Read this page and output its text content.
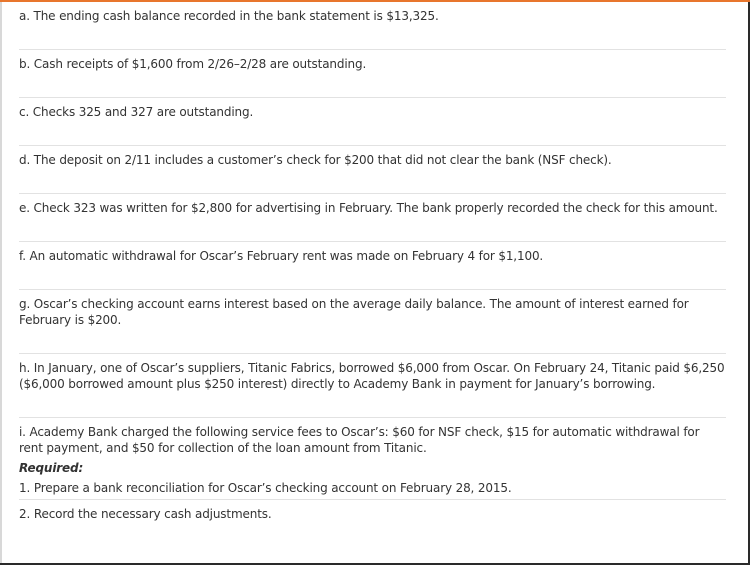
a. The ending cash balance recorded in the bank statement is $13,325.
b. Cash receipts of $1,600 from 2/26–2/28 are outstanding.
c. Checks 325 and 327 are outstanding.
d. The deposit on 2/11 includes a customer’s check for $200 that did not clear the bank (NSF check).
e. Check 323 was written for $2,800 for advertising in February. The bank properly recorded the check for this amount.
f. An automatic withdrawal for Oscar’s February rent was made on February 4 for $1,100.
g. Oscar’s checking account earns interest based on the average daily balance. The amount of interest earned for February is $200.
h. In January, one of Oscar’s suppliers, Titanic Fabrics, borrowed $6,000 from Oscar. On February 24, Titanic paid $6,250 ($6,000 borrowed amount plus $250 interest) directly to Academy Bank in payment for January’s borrowing.
i. Academy Bank charged the following service fees to Oscar’s: $60 for NSF check, $15 for automatic withdrawal for rent payment, and $50 for collection of the loan amount from Titanic.
Required:
1. Prepare a bank reconciliation for Oscar’s checking account on February 28, 2015.
2. Record the necessary cash adjustments.
